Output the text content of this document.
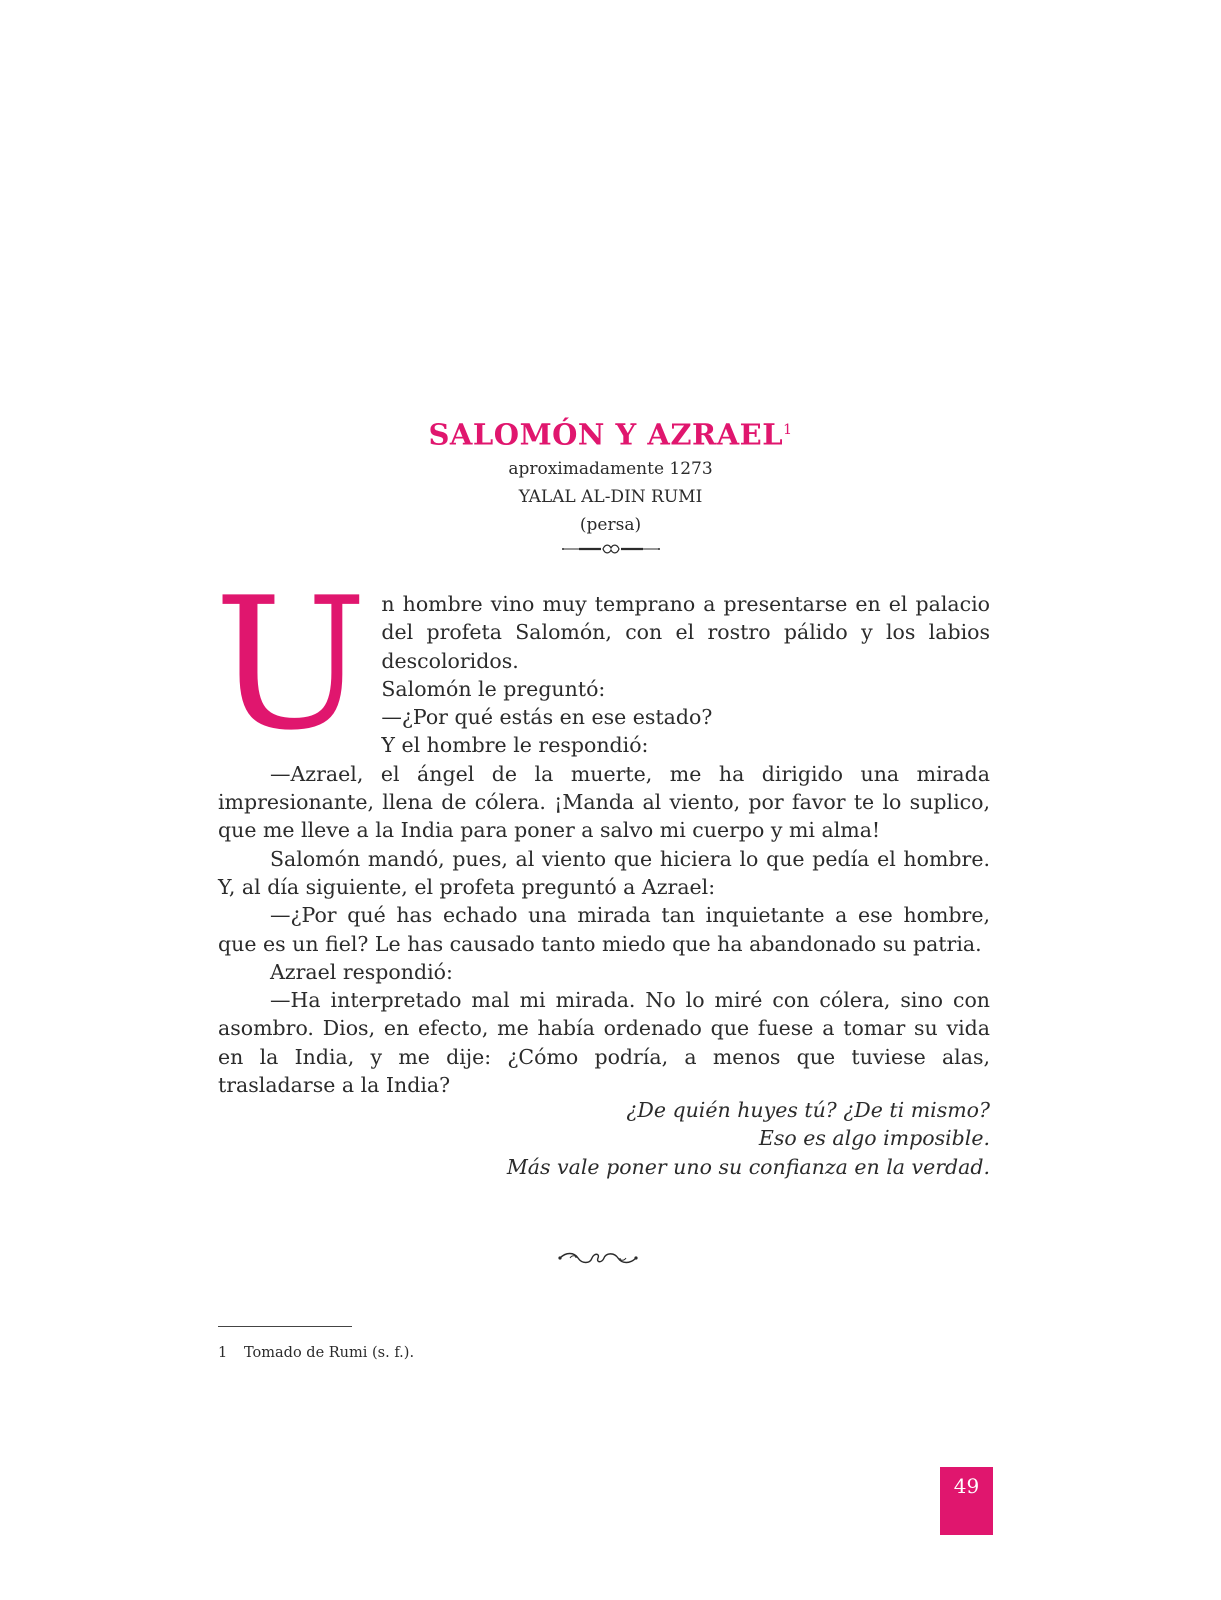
SALOMÓN Y AZRAEL$^1$

aproximadamente 1273

YALAL AL-DIN RUMI

(persa)

U n hombre vino muy temprano a presentarse en el palacio del profeta Salomón, con el rostro pálido y los labios descoloridos.

Salomón le preguntó:

—¿Por qué estás en ese estado?

Y el hombre le respondió:

—Azrael, el ángel de la muerte, me ha dirigido una mirada impresionante, llena de cólera. ¡Manda al viento, por favor te lo suplico, que me lleve a la India para poner a salvo mi cuerpo y mi alma!

Salomón mandó, pues, al viento que hiciera lo que pedía el hombre. Y, al día siguiente, el profeta preguntó a Azrael:

—¿Por qué has echado una mirada tan inquietante a ese hombre, que es un fiel? Le has causado tanto miedo que ha abandonado su patria.

Azrael respondió:

—Ha interpretado mal mi mirada. No lo miré con cólera, sino con asombro. Dios, en efecto, me había ordenado que fuese a tomar su vida en la India, y me dije: ¿Cómo podría, a menos que tuviese alas, trasladarse a la India?

¿De quién huyes tú? ¿De ti mismo?

Eso es algo imposible.

Más vale poner uno su confianza en la verdad.

1 Tomado de Rumi (s. f.).
49
